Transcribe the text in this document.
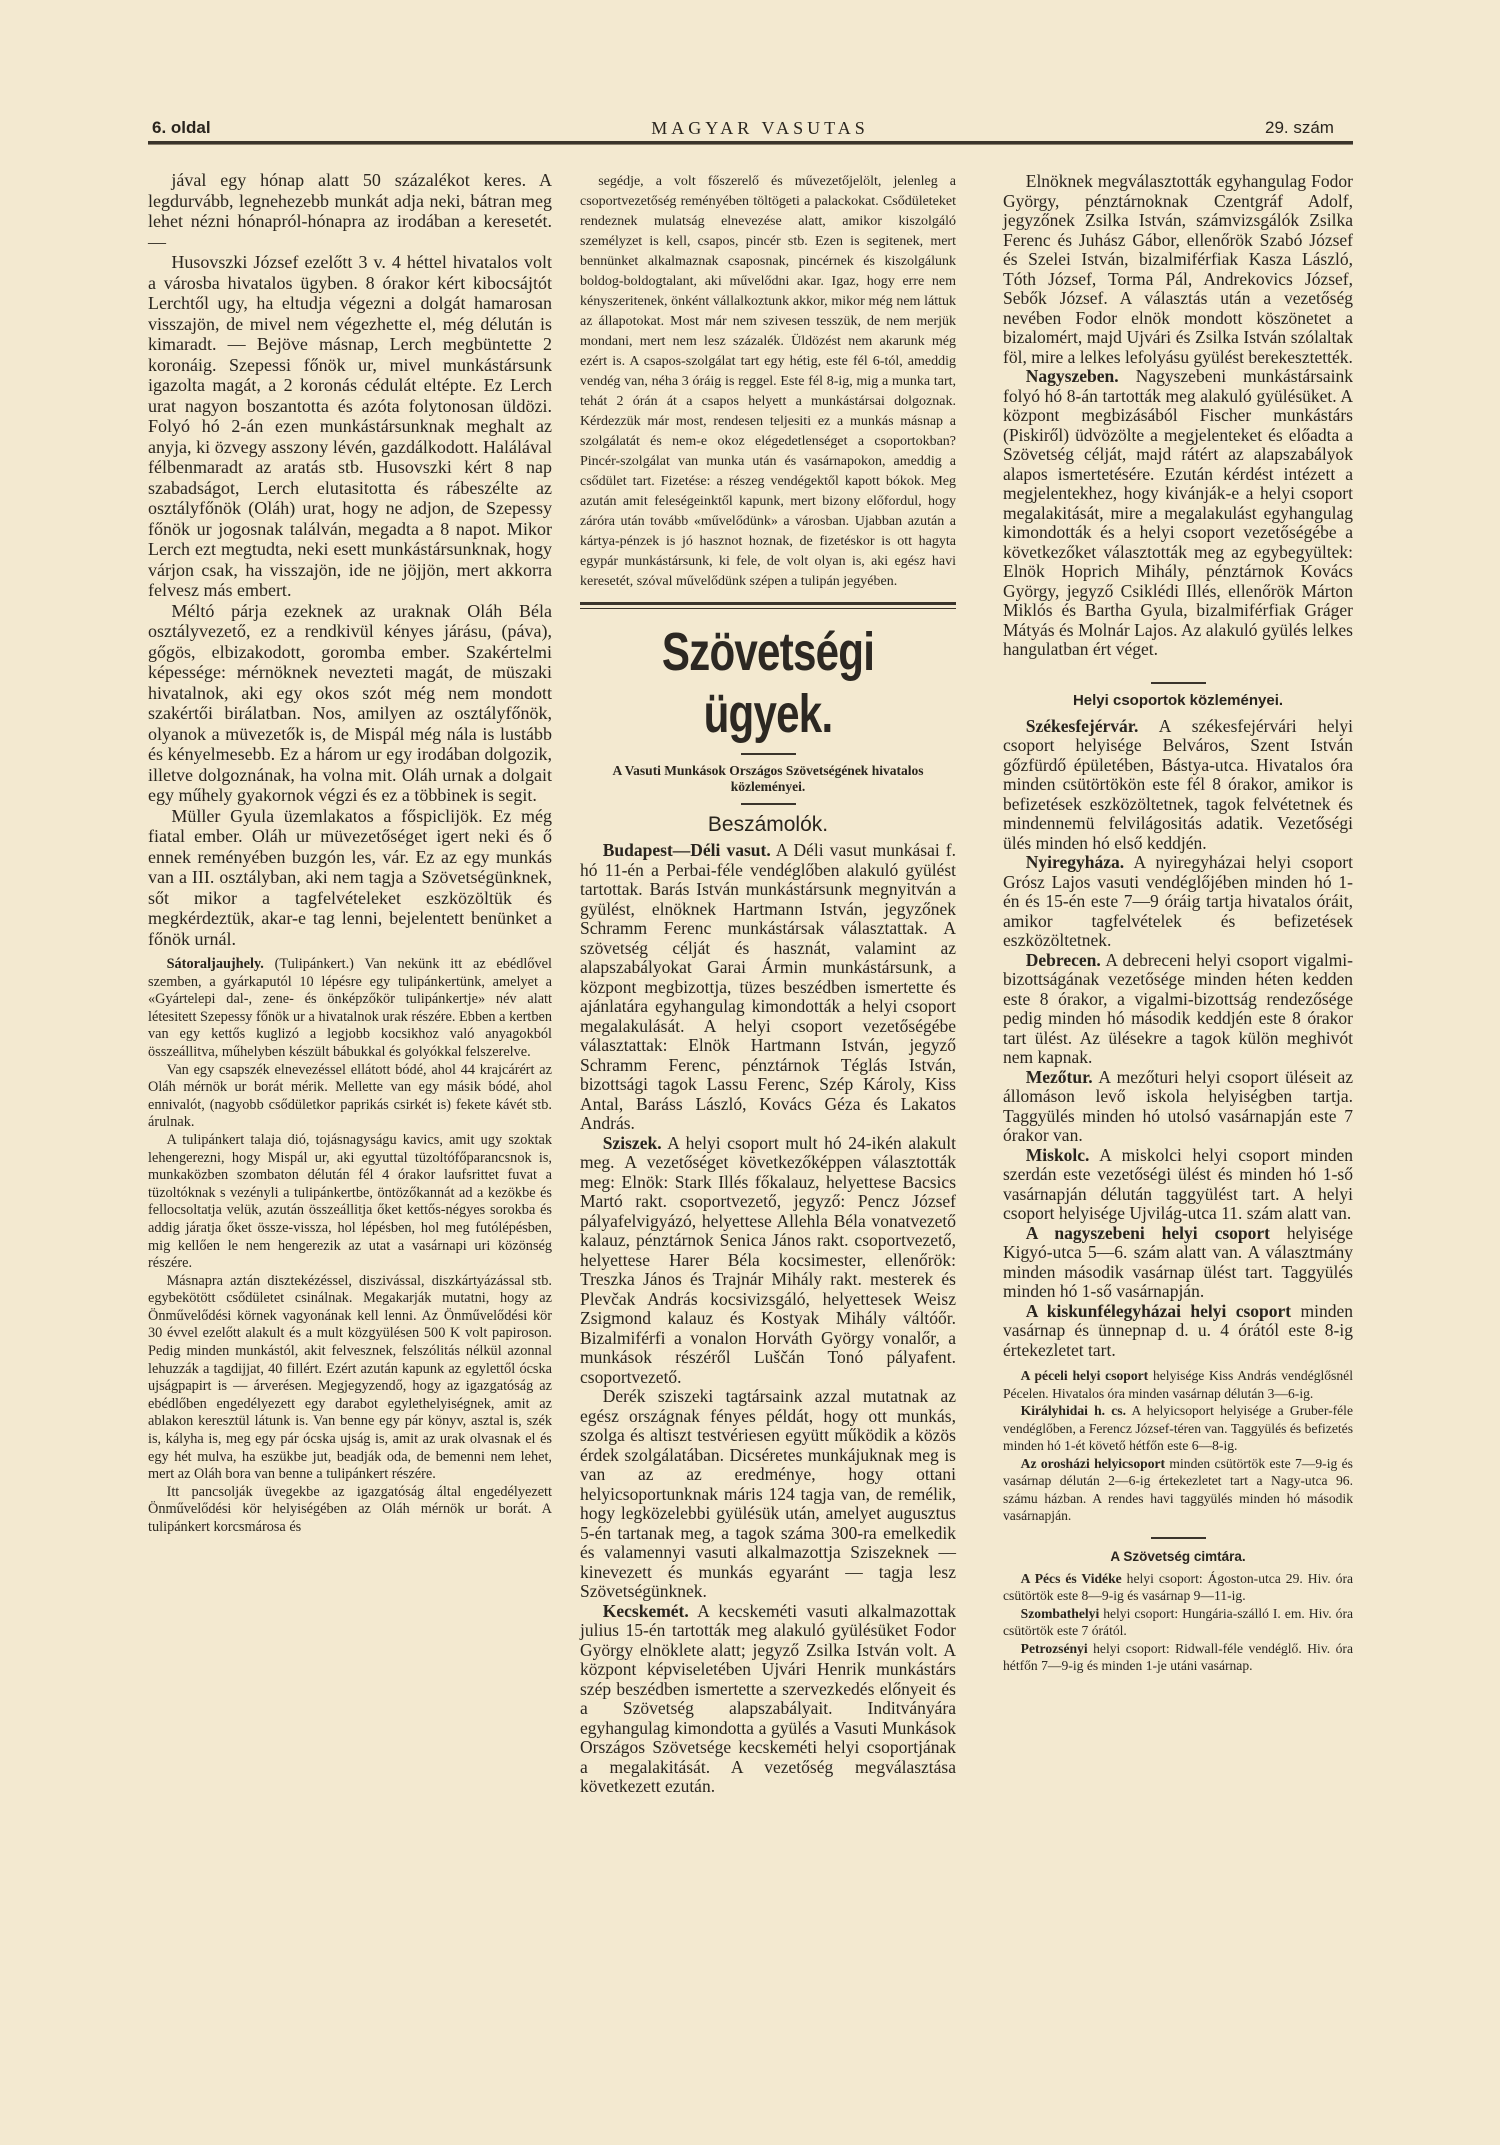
6. oldal	MAGYAR VASUTAS	29. szám

jával egy hónap alatt 50 százalékot keres. A legdurvább, legnehezebb munkát adja neki, bátran meg lehet nézni hónapról-hónapra az irodában a keresetét. —

Husovszki József ezelőtt 3 v. 4 héttel hivatalos volt a városba hivatalos ügyben. 8 órakor kért kibocsájtót Lerchtől ugy, ha eltudja végezni a dolgát hamarosan visszajön, de mivel nem végezhette el, még délután is kimaradt. — Bejöve másnap, Lerch megbüntette 2 koronáig. Szepessi főnök ur, mivel munkástársunk igazolta magát, a 2 koronás cédulát eltépte. Ez Lerch urat nagyon boszantotta és azóta folytonosan üldözi. Folyó hó 2-án ezen munkástársunknak meghalt az anyja, ki özvegy asszony lévén, gazdálkodott. Halálával félbenmaradt az aratás stb. Husovszki kért 8 nap szabadságot, Lerch elutasitotta és rábeszélte az osztályfőnök (Oláh) urat, hogy ne adjon, de Szepessy főnök ur jogosnak találván, megadta a 8 napot. Mikor Lerch ezt megtudta, neki esett munkástársunknak, hogy várjon csak, ha visszajön, ide ne jöjjön, mert akkorra felvesz más embert.

Méltó párja ezeknek az uraknak Oláh Béla osztályvezető, ez a rendkivül kényes járásu, (páva), gőgös, elbizakodott, goromba ember. Szakértelmi képessége: mérnöknek nevezteti magát, de müszaki hivatalnok, aki egy okos szót még nem mondott szakértői birálatban. Nos, amilyen az osztályfőnök, olyanok a müvezetők is, de Mispál még nála is lustább és kényelmesebb. Ez a három ur egy irodában dolgozik, illetve dolgoznának, ha volna mit. Oláh urnak a dolgait egy műhely gyakornok végzi és ez a többinek is segit.

Müller Gyula üzemlakatos a főspiclijök. Ez még fiatal ember. Oláh ur müvezetőséget igert neki és ő ennek reményében buzgón les, vár. Ez az egy munkás van a III. osztályban, aki nem tagja a Szövetségünknek, sőt mikor a tagfelvételeket eszközöltük és megkérdeztük, akar-e tag lenni, bejelentett benünket a főnök urnál.

Sátoraljaujhely. (Tulipánkert.) Van nekünk itt az ebédlővel szemben, a gyárkaputól 10 lépésre egy tulipánkertünk, amelyet a «Gyártelepi dal-, zene- és önképzőkör tulipánkertje» név alatt létesitett Szepessy főnök ur a hivatalnok urak részére. Ebben a kertben van egy kettős kuglizó a legjobb kocsikhoz való anyagokból összeállitva, műhelyben készült bábukkal és golyókkal felszerelve.

Van egy csapszék elnevezéssel ellátott bódé, ahol 44 krajcárért az Oláh mérnök ur borát mérik. Mellette van egy másik bódé, ahol ennivalót, (nagyobb csődületkor paprikás csirkét is) fekete kávét stb. árulnak.

A tulipánkert talaja dió, tojásnagyságu kavics, amit ugy szoktak lehengerezni, hogy Mispál ur, aki egyuttal tüzoltófőparancsnok is, munkaközben szombaton délután fél 4 órakor laufsrittet fuvat a tüzoltóknak s vezényli a tulipánkertbe, öntözőkannát ad a kezökbe és fellocsoltatja velük, azután összeállitja őket kettős-négyes sorokba és addig járatja őket össze-vissza, hol lépésben, hol meg futólépésben, mig kellően le nem hengerezik az utat a vasárnapi uri közönség részére.

Másnapra aztán disztekézéssel, diszivással, diszkártyázással stb. egybekötött csődületet csinálnak. Megakarják mutatni, hogy az Önművelődési körnek vagyonának kell lenni. Az Önművelődési kör 30 évvel ezelőtt alakult és a mult közgyülésen 500 K volt papiroson. Pedig minden munkástól, akit felvesznek, felszólitás nélkül azonnal lehuzzák a tagdijjat, 40 fillért. Ezért azután kapunk az egylettől ócska ujságpapirt is — árverésen. Megjegyzendő, hogy az igazgatóság az ebédlőben engedélyezett egy darabot egylethelyiségnek, amit az ablakon keresztül látunk is. Van benne egy pár könyv, asztal is, szék is, kályha is, meg egy pár ócska ujság is, amit az urak olvasnak el és egy hét mulva, ha eszükbe jut, beadják oda, de bemenni nem lehet, mert az Oláh bora van benne a tulipánkert részére.

Itt pancsolják üvegekbe az igazgatóság által engedélyezett Önművelődési kör helyiségében az Oláh mérnök ur borát. A tulipánkert korcsmárosa és

segédje, a volt főszerelő és művezetőjelölt, jelenleg a csoportvezetőség reményében töltögeti a palackokat. Csődületeket rendeznek mulatság elnevezése alatt, amikor kiszolgáló személyzet is kell, csapos, pincér stb. Ezen is segitenek, mert bennünket alkalmaznak csaposnak, pincérnek és kiszolgálunk boldog-boldogtalant, aki művelődni akar. Igaz, hogy erre nem kényszeritenek, önként vállalkoztunk akkor, mikor még nem láttuk az állapotokat. Most már nem szivesen tesszük, de nem merjük mondani, mert nem lesz százalék. Üldözést nem akarunk még ezért is. A csapos-szolgálat tart egy hétig, este fél 6-tól, ameddig vendég van, néha 3 óráig is reggel. Este fél 8-ig, mig a munka tart, tehát 2 órán át a csapos helyett a munkástársai dolgoznak. Kérdezzük már most, rendesen teljesiti ez a munkás másnap a szolgálatát és nem-e okoz elégedetlenséget a csoportokban? Pincér-szolgálat van munka után és vasárnapokon, ameddig a csődület tart. Fizetése: a részeg vendégektől kapott bókok. Meg azután amit feleségeinktől kapunk, mert bizony előfordul, hogy záróra után tovább «művelődünk» a városban. Ujabban azután a kártya-pénzek is jó hasznot hoznak, de fizetéskor is ott hagyta egypár munkástársunk, ki fele, de volt olyan is, aki egész havi keresetét, szóval művelődünk szépen a tulipán jegyében.

Szövetségi ügyek.
A Vasuti Munkások Országos Szövetségének hivatalos közleményei.
Beszámolók.

Budapest—Déli vasut. A Déli vasut munkásai f. hó 11-én a Perbai-féle vendéglőben alakuló gyülést tartottak. Barás István munkástársunk megnyitván a gyülést, elnöknek Hartmann István, jegyzőnek Schramm Ferenc munkástársak választattak. A szövetség célját és hasznát, valamint az alapszabályokat Garai Ármin munkástársunk, a központ megbizottja, tüzes beszédben ismertette és ajánlatára egyhangulag kimondották a helyi csoport megalakulását. A helyi csoport vezetőségébe választattak: Elnök Hartmann István, jegyző Schramm Ferenc, pénztárnok Téglás István, bizottsági tagok Lassu Ferenc, Szép Károly, Kiss Antal, Baráss László, Kovács Géza és Lakatos András.

Sziszek. A helyi csoport mult hó 24-ikén alakult meg. A vezetőséget következőképpen választották meg: Elnök: Stark Illés főkalauz, helyettese Bacsics Martó rakt. csoportvezető, jegyző: Pencz József pályafelvigyázó, helyettese Allehla Béla vonatvezető kalauz, pénztárnok Senica János rakt. csoportvezető, helyettese Harer Béla kocsimester, ellenőrök: Treszka János és Trajnár Mihály rakt. mesterek és Plevčak András kocsivizsgáló, helyettesek Weisz Zsigmond kalauz és Kostyak Mihály váltóőr. Bizalmiférfi a vonalon Horváth György vonalőr, a munkások részéről Luščán Tonó pályafent. csoportvezető.

Derék sziszeki tagtársaink azzal mutatnak az egész országnak fényes példát, hogy ott munkás, szolga és altiszt testvériesen együtt működik a közös érdek szolgálatában. Dicséretes munkájuknak meg is van az az eredménye, hogy ottani helyicsoportunknak máris 124 tagja van, de remélik, hogy legközelebbi gyülésük után, amelyet augusztus 5-én tartanak meg, a tagok száma 300-ra emelkedik és valamennyi vasuti alkalmazottja Sziszeknek — kinevezett és munkás egyaránt — tagja lesz Szövetségünknek.

Kecskemét. A kecskeméti vasuti alkalmazottak julius 15-én tartották meg alakuló gyülésüket Fodor György elnöklete alatt; jegyző Zsilka István volt. A központ képviseletében Ujvári Henrik munkástárs szép beszédben ismertette a szervezkedés előnyeit és a Szövetség alapszabályait. Inditványára egyhangulag kimondotta a gyülés a Vasuti Munkások Országos Szövetsége kecskeméti helyi csoportjának a megalakitását. A vezetőség megválasztása következett ezután.

Elnöknek megválasztották egyhangulag Fodor György, pénztárnoknak Czentgráf Adolf, jegyzőnek Zsilka István, számvizsgálók Zsilka Ferenc és Juhász Gábor, ellenőrök Szabó József és Szelei István, bizalmiférfiak Kasza László, Tóth József, Torma Pál, Andrekovics József, Sebők József. A választás után a vezetőség nevében Fodor elnök mondott köszönetet a bizalomért, majd Ujvári és Zsilka István szólaltak föl, mire a lelkes lefolyásu gyülést berekesztették.

Nagyszeben. Nagyszebeni munkástársaink folyó hó 8-án tartották meg alakuló gyülésüket. A központ megbizásából Fischer munkástárs (Piskiről) üdvözölte a megjelenteket és előadta a Szövetség célját, majd rátért az alapszabályok alapos ismertetésére. Ezután kérdést intézett a megjelentekhez, hogy kivánják-e a helyi csoport megalakitását, mire a megalakulást egyhangulag kimondották és a helyi csoport vezetőségébe a következőket választották meg az egybegyültek: Elnök Hoprich Mihály, pénztárnok Kovács György, jegyző Csiklédi Illés, ellenőrök Márton Miklós és Bartha Gyula, bizalmiférfiak Gráger Mátyás és Molnár Lajos. Az alakuló gyülés lelkes hangulatban ért véget.

Helyi csoportok közleményei.

Székesfejérvár. A székesfejérvári helyi csoport helyisége Belváros, Szent István gőzfürdő épületében, Bástya-utca. Hivatalos óra minden csütörtökön este fél 8 órakor, amikor is befizetések eszközöltetnek, tagok felvétetnek és mindennemü felvilágositás adatik. Vezetőségi ülés minden hó első keddjén.

Nyiregyháza. A nyiregyházai helyi csoport Grósz Lajos vasuti vendéglőjében minden hó 1-én és 15-én este 7—9 óráig tartja hivatalos óráit, amikor tagfelvételek és befizetések eszközöltetnek.

Debrecen. A debreceni helyi csoport vigalmi-bizottságának vezetősége minden héten kedden este 8 órakor, a vigalmi-bizottság rendezősége pedig minden hó második keddjén este 8 órakor tart ülést. Az ülésekre a tagok külön meghivót nem kapnak.

Mezőtur. A mezőturi helyi csoport üléseit az állomáson levő iskola helyiségben tartja. Taggyülés minden hó utolsó vasárnapján este 7 órakor van.

Miskolc. A miskolci helyi csoport minden szerdán este vezetőségi ülést és minden hó 1-ső vasárnapján délután taggyülést tart. A helyi csoport helyisége Ujvilág-utca 11. szám alatt van.

A nagyszebeni helyi csoport helyisége Kigyó-utca 5—6. szám alatt van. A választmány minden második vasárnap ülést tart. Taggyülés minden hó 1-ső vasárnapján.

A kiskunfélegyházai helyi csoport minden vasárnap és ünnepnap d. u. 4 órától este 8-ig értekezletet tart.

A péceli helyi csoport helyisége Kiss András vendéglősnél Pécelen. Hivatalos óra minden vasárnap délután 3—6-ig.

Királyhidai h. cs. A helyicsoport helyisége a Gruber-féle vendéglőben, a Ferencz József-téren van. Taggyülés és befizetés minden hó 1-ét követő hétfőn este 6—8-ig.

Az orosházi helyicsoport minden csütörtök este 7—9-ig és vasárnap délután 2—6-ig értekezletet tart a Nagy-utca 96. számu házban. A rendes havi taggyülés minden hó második vasárnapján.

A Szövetség cimtára.

A Pécs és Vidéke helyi csoport: Ágoston-utca 29. Hiv. óra csütörtök este 8—9-ig és vasárnap 9—11-ig.

Szombathelyi helyi csoport: Hungária-szálló I. em. Hiv. óra csütörtök este 7 órától.

Petrozsényi helyi csoport: Ridwall-féle vendéglő. Hiv. óra hétfőn 7—9-ig és minden 1-je utáni vasárnap.
